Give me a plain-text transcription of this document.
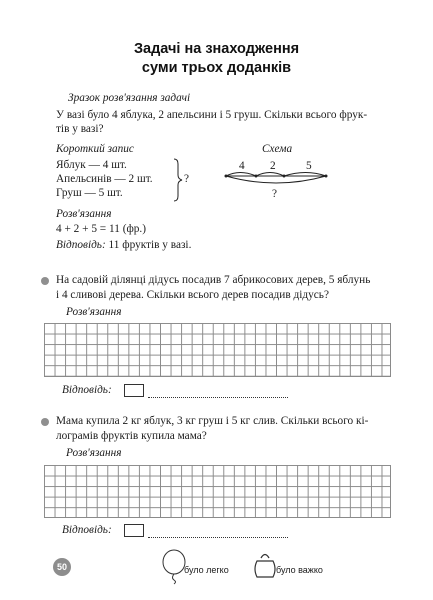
Задачі на знаходження
суми трьох доданків
Зразок розв'язання задачі
У вазі було 4 яблука, 2 апельсини і 5 груш. Скільки всього фрук-
тів у вазі?
Короткий запис
Яблук — 4 шт.
Апельсинів — 2 шт.
Груш — 5 шт.
?
Схема
4 2	5
?
Розв'язання
4 + 2 + 5 = 11 (фр.)
Відповідь: 11 фруктів у вазі.
На садовій ділянці дідусь посадив 7 абрикосових дерев, 5 яблунь
і 4 сливові дерева. Скільки всього дерев посадив дідусь?
Розв'язання
Відповідь:
Мама купила 2 кг яблук, 3 кг груш і 5 кг слив. Скільки всього кі-
лограмів фруктів купила мама?
Розв'язання
Відповідь:
50	було легко	було важко
